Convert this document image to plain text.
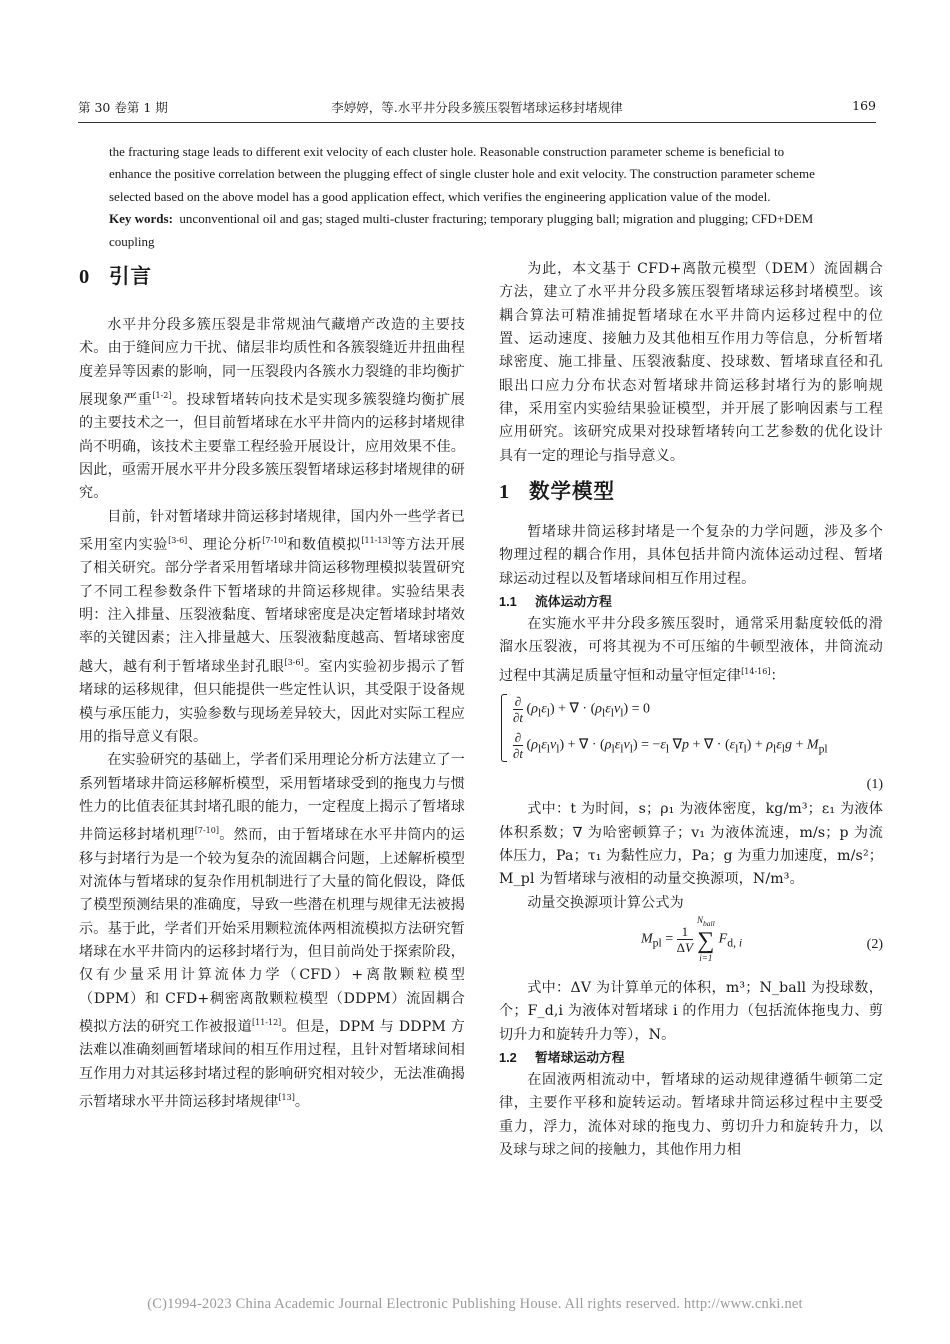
第 30 卷第 1 期	李婷婷，等.水平井分段多簇压裂暂堵球运移封堵规律	169

the fracturing stage leads to different exit velocity of each cluster hole. Reasonable construction parameter scheme is beneficial to

enhance the positive correlation between the plugging effect of single cluster hole and exit velocity. The construction parameter scheme

selected based on the above model has a good application effect, which verifies the engineering application value of the model.

Key words: unconventional oil and gas; staged multi-cluster fracturing; temporary plugging ball; migration and plugging; CFD+DEM

coupling

0 引言

水平井分段多簇压裂是非常规油气藏增产改造的主要技术。由于缝间应力干扰、储层非均质性和各簇裂缝近井扭曲程度差异等因素的影响，同一压裂段内各簇水力裂缝的非均衡扩展现象严重[1-2]。投球暂堵转向技术是实现多簇裂缝均衡扩展的主要技术之一，但目前暂堵球在水平井筒内的运移封堵规律尚不明确，该技术主要靠工程经验开展设计，应用效果不佳。因此，亟需开展水平井分段多簇压裂暂堵球运移封堵规律的研究。

目前，针对暂堵球井筒运移封堵规律，国内外一些学者已采用室内实验[3-6]、理论分析[7-10]和数值模拟[11-13]等方法开展了相关研究。部分学者采用暂堵球井筒运移物理模拟装置研究了不同工程参数条件下暂堵球的井筒运移规律。实验结果表明：注入排量、压裂液黏度、暂堵球密度是决定暂堵球封堵效率的关键因素；注入排量越大、压裂液黏度越高、暂堵球密度越大，越有利于暂堵球坐封孔眼[3-6]。室内实验初步揭示了暂堵球的运移规律，但只能提供一些定性认识，其受限于设备规模与承压能力，实验参数与现场差异较大，因此对实际工程应用的指导意义有限。

在实验研究的基础上，学者们采用理论分析方法建立了一系列暂堵球井筒运移解析模型，采用暂堵球受到的拖曳力与惯性力的比值表征其封堵孔眼的能力，一定程度上揭示了暂堵球井筒运移封堵机理[7-10]。然而，由于暂堵球在水平井筒内的运移与封堵行为是一个较为复杂的流固耦合问题，上述解析模型对流体与暂堵球的复杂作用机制进行了大量的简化假设，降低了模型预测结果的准确度，导致一些潜在机理与规律无法被揭示。基于此，学者们开始采用颗粒流体两相流模拟方法研究暂堵球在水平井筒内的运移封堵行为，但目前尚处于探索阶段，仅有少量采用计算流体力学（CFD）+离散颗粒模型（DPM）和 CFD+稠密离散颗粒模型（DDPM）流固耦合模拟方法的研究工作被报道[11-12]。但是，DPM 与 DDPM 方法难以准确刻画暂堵球间的相互作用过程，且针对暂堵球间相互作用力对其运移封堵过程的影响研究相对较少，无法准确揭示暂堵球水平井筒运移封堵规律[13]。

为此，本文基于 CFD+离散元模型（DEM）流固耦合方法，建立了水平井分段多簇压裂暂堵球运移封堵模型。该耦合算法可精准捕捉暂堵球在水平井筒内运移过程中的位置、运动速度、接触力及其他相互作用力等信息，分析暂堵球密度、施工排量、压裂液黏度、投球数、暂堵球直径和孔眼出口应力分布状态对暂堵球井筒运移封堵行为的影响规律，采用室内实验结果验证模型，并开展了影响因素与工程应用研究。该研究成果对投球暂堵转向工艺参数的优化设计具有一定的理论与指导意义。

1 数学模型

暂堵球井筒运移封堵是一个复杂的力学问题，涉及多个物理过程的耦合作用，具体包括井筒内流体运动过程、暂堵球运动过程以及暂堵球间相互作用过程。

1.1 流体运动方程

在实施水平井分段多簇压裂时，通常采用黏度较低的滑溜水压裂液，可将其视为不可压缩的牛顿型液体，井筒流动过程中其满足质量守恒和动量守恒定律[14-16]：

$\frac{\partial}{\partial t} (\rho_l\varepsilon_l)$ + ∇ · $(\rho_l\varepsilon_lv_l) = 0$
$\frac{\partial}{\partial t} (\rho_l\varepsilon_lv_l)$ + ∇ · $(\rho_l\varepsilon_lv_l) = -\varepsilon_l$ ∇p + ∇ · $(\varepsilon_l\tau_l) + \rho_l\varepsilon_lg + M_{pl}$
(1)

式中：t 为时间，s；ρ₁ 为液体密度，kg/m³；ε₁ 为液体体积系数；∇ 为哈密顿算子；v₁ 为液体流速，m/s；p 为流体压力，Pa；τ₁ 为黏性应力，Pa；g 为重力加速度，m/s²；M_pl 为暂堵球与液相的动量交换源项，N/m³。

动量交换源项计算公式为

$M_{pl} = \frac{1}{\Delta V}$
$N_{ball}$
∑
i=1
$F_{d, i}$	(2)

式中：ΔV 为计算单元的体积，m³；N_ball 为投球数，个；F_d,i 为液体对暂堵球 i 的作用力（包括流体拖曳力、剪切升力和旋转升力等），N。

1.2 暂堵球运动方程

在固液两相流动中，暂堵球的运动规律遵循牛顿第二定律，主要作平移和旋转运动。暂堵球井筒运移过程中主要受重力，浮力，流体对球的拖曳力、剪切升力和旋转升力，以及球与球之间的接触力，其他作用力相

(C)1994-2023 China Academic Journal Electronic Publishing House. All rights reserved. http://www.cnki.net
